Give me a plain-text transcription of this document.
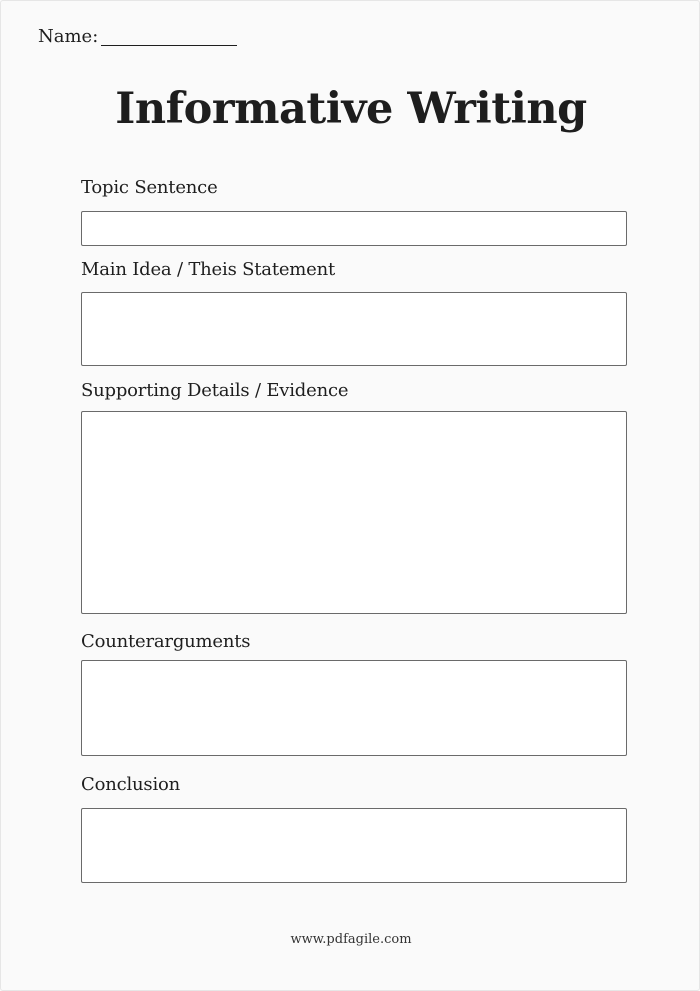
Name:
Informative Writing
Topic Sentence
Main Idea / Theis Statement
Supporting Details / Evidence
Counterarguments
Conclusion
www.pdfagile.com
